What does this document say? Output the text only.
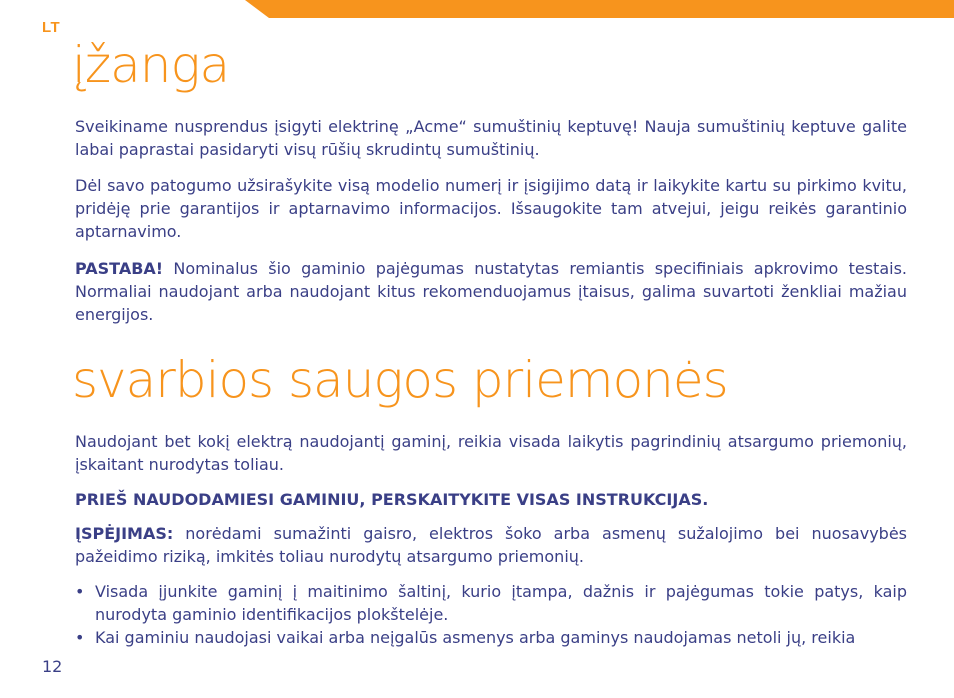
LT
įžanga

Sveikiname nusprendus įsigyti elektrinę „Acme“ sumuštinių keptuvę! Nauja sumuštinių keptuve galite labai paprastai pasidaryti visų rūšių skrudintų sumuštinių.

Dėl savo patogumo užsirašykite visą modelio numerį ir įsigijimo datą ir laikykite kartu su pirkimo kvitu, pridėję prie garantijos ir aptarnavimo informacijos. Išsaugokite tam atvejui, jeigu reikės garantinio aptarnavimo.

PASTABA! Nominalus šio gaminio pajėgumas nustatytas remiantis specifiniais apkrovimo testais. Normaliai naudojant arba naudojant kitus rekomenduojamus įtaisus, galima suvartoti ženkliai mažiau energijos.

svarbios saugos priemonės

Naudojant bet kokį elektrą naudojantį gaminį, reikia visada laikytis pagrindinių atsargumo priemonių, įskaitant nurodytas toliau.

PRIEŠ NAUDODAMIESI GAMINIU, PERSKAITYKITE VISAS INSTRUKCIJAS.

ĮSPĖJIMAS: norėdami sumažinti gaisro, elektros šoko arba asmenų sužalojimo bei nuosavybės pažeidimo riziką, imkitės toliau nurodytų atsargumo priemonių.

• Visada įjunkite gaminį į maitinimo šaltinį, kurio įtampa, dažnis ir pajėgumas tokie patys, kaip nurodyta gaminio identifikacijos plokštelėje.
• Kai gaminiu naudojasi vaikai arba neįgalūs asmenys arba gaminys naudojamas netoli jų, reikia
12
